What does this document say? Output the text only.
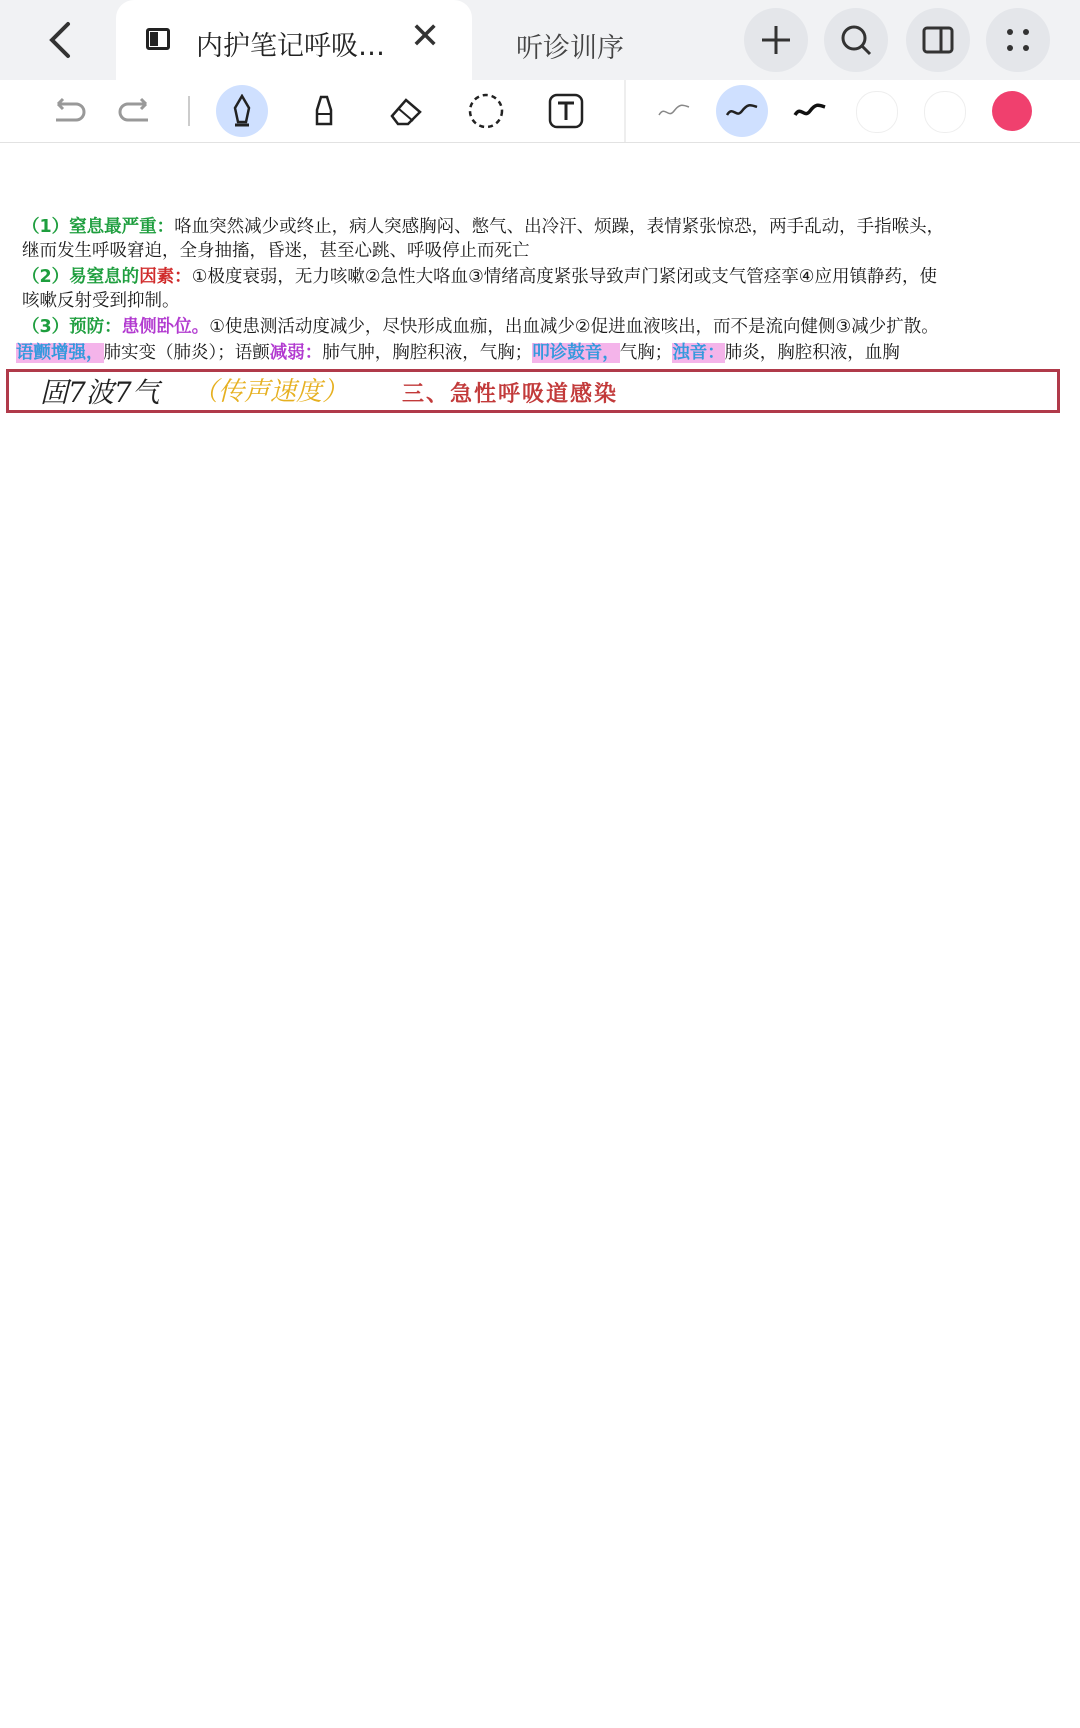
内护笔记呼吸… ✕	听诊训序
（1）窒息最严重：咯血突然减少或终止，病人突感胸闷、憋气、出冷汗、烦躁，表情紧张惊恐，两手乱动，手指喉头，
继而发生呼吸窘迫，全身抽搐，昏迷，甚至心跳、呼吸停止而死亡
（2）易窒息的因素：①极度衰弱，无力咳嗽②急性大咯血③情绪高度紧张导致声门紧闭或支气管痉挛④应用镇静药，使
咳嗽反射受到抑制。
（3）预防：患侧卧位。①使患测活动度减少，尽快形成血痂，出血减少②促进血液咳出，而不是流向健侧③减少扩散。
语颤增强，肺实变（肺炎）；语颤减弱：肺气肿，胸腔积液，气胸；叩诊鼓音，气胸；浊音：肺炎，胸腔积液，血胸
三、急性呼吸道感染
固7波7气 （传声速度）
